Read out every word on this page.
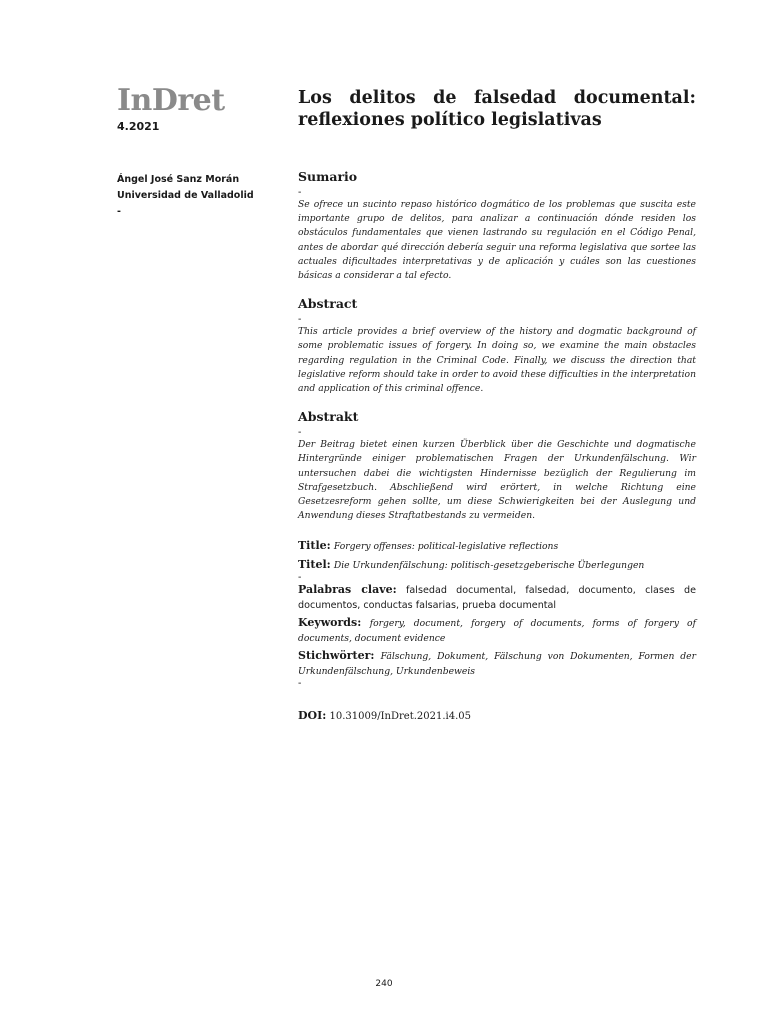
InDret
4.2021
Ángel José Sanz Morán
Universidad de Valladolid
-
Los delitos de falsedad documental: reflexiones político legislativas
Sumario

-

Se ofrece un sucinto repaso histórico dogmático de los problemas que suscita este importante grupo de delitos, para analizar a continuación dónde residen los obstáculos fundamentales que vienen lastrando su regulación en el Código Penal, antes de abordar qué dirección debería seguir una reforma legislativa que sortee las actuales dificultades interpretativas y de aplicación y cuáles son las cuestiones básicas a considerar a tal efecto.

Abstract

-

This article provides a brief overview of the history and dogmatic background of some problematic issues of forgery. In doing so, we examine the main obstacles regarding regulation in the Criminal Code. Finally, we discuss the direction that legislative reform should take in order to avoid these difficulties in the interpretation and application of this criminal offence.

Abstrakt

-

Der Beitrag bietet einen kurzen Überblick über die Geschichte und dogmatische Hintergründe einiger problematischen Fragen der Urkundenfälschung. Wir untersuchen dabei die wichtigsten Hindernisse bezüglich der Regulierung im Strafgesetzbuch. Abschließend wird erörtert, in welche Richtung eine Gesetzesreform gehen sollte, um diese Schwierigkeiten bei der Auslegung und Anwendung dieses Straftatbestands zu vermeiden.

Title: Forgery offenses: political-legislative reflections

Titel: Die Urkundenfälschung: politisch-gesetzgeberische Überlegungen

-

Palabras clave: falsedad documental, falsedad, documento, clases de documentos, conductas falsarias, prueba documental

Keywords: forgery, document, forgery of documents, forms of forgery of documents, document evidence

Stichwörter: Fälschung, Dokument, Fälschung von Dokumenten, Formen der Urkundenfälschung, Urkundenbeweis

-

DOI: 10.31009/InDret.2021.i4.05

240
